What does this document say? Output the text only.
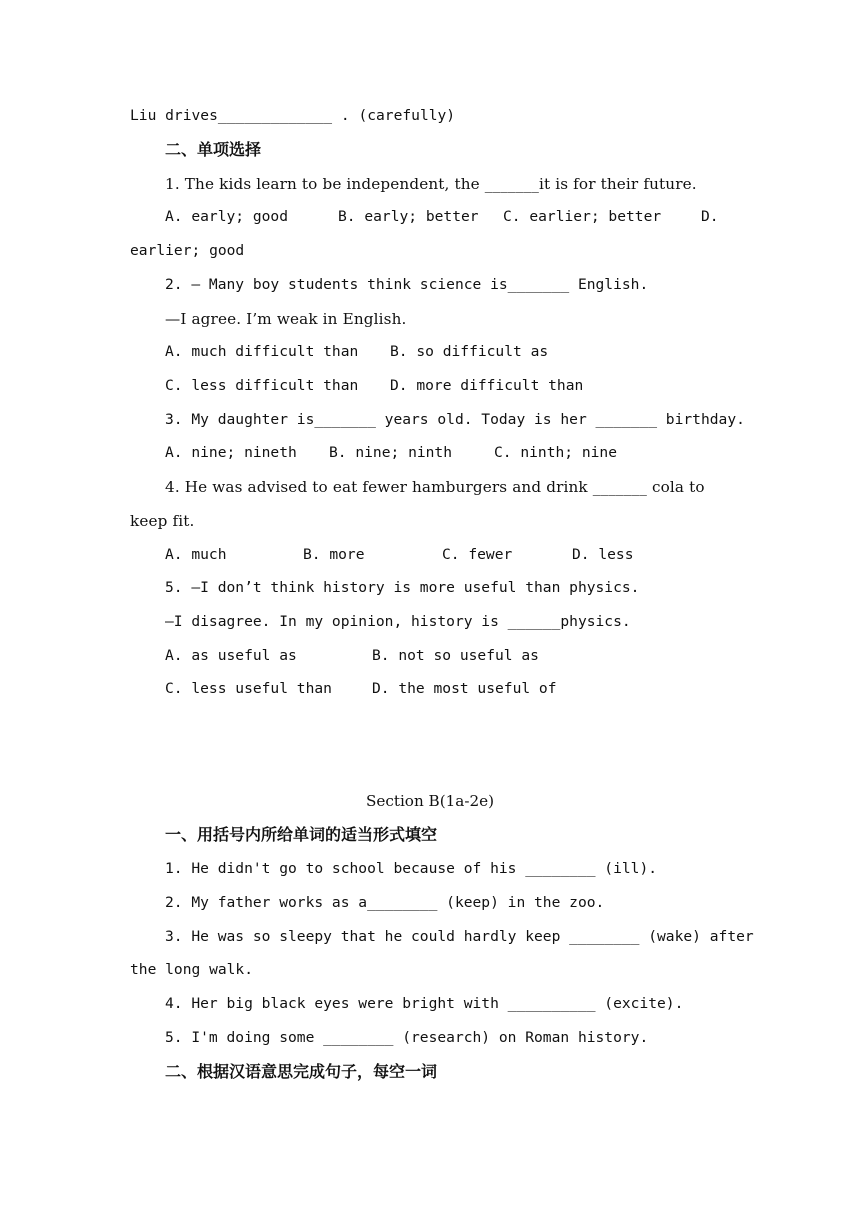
Liu drives_____________ . (carefully)
二、单项选择
1. The kids learn to be independent, the _______it is for their future.
A. early; good	B. early; better C. earlier; better	D.
earlier; good
2. — Many boy students think science is_______ English.
—I agree. I’m weak in English.
A. much difficult than B. so difficult as
C. less difficult than D. more difficult than
3. My daughter is_______ years old. Today is her _______ birthday.
A. nine; nineth B. nine; ninth	C. ninth; nine
4. He was advised to eat fewer hamburgers and drink _______ cola to
keep fit.
A. much	B. more	C. fewer	D. less
5. —I don’t think history is more useful than physics.
—I disagree. In my opinion, history is ______physics.
A. as useful as	B. not so useful as
C. less useful than	D. the most useful of
Section B(1a-2e)
一、用括号内所给单词的适当形式填空
1. He didn't go to school because of his ________ (ill).
2. My father works as a________ (keep) in the zoo.
3. He was so sleepy that he could hardly keep ________ (wake) after
the long walk.
4. Her big black eyes were bright with __________ (excite).
5. I'm doing some ________ (research) on Roman history.
二、根据汉语意思完成句子，每空一词
